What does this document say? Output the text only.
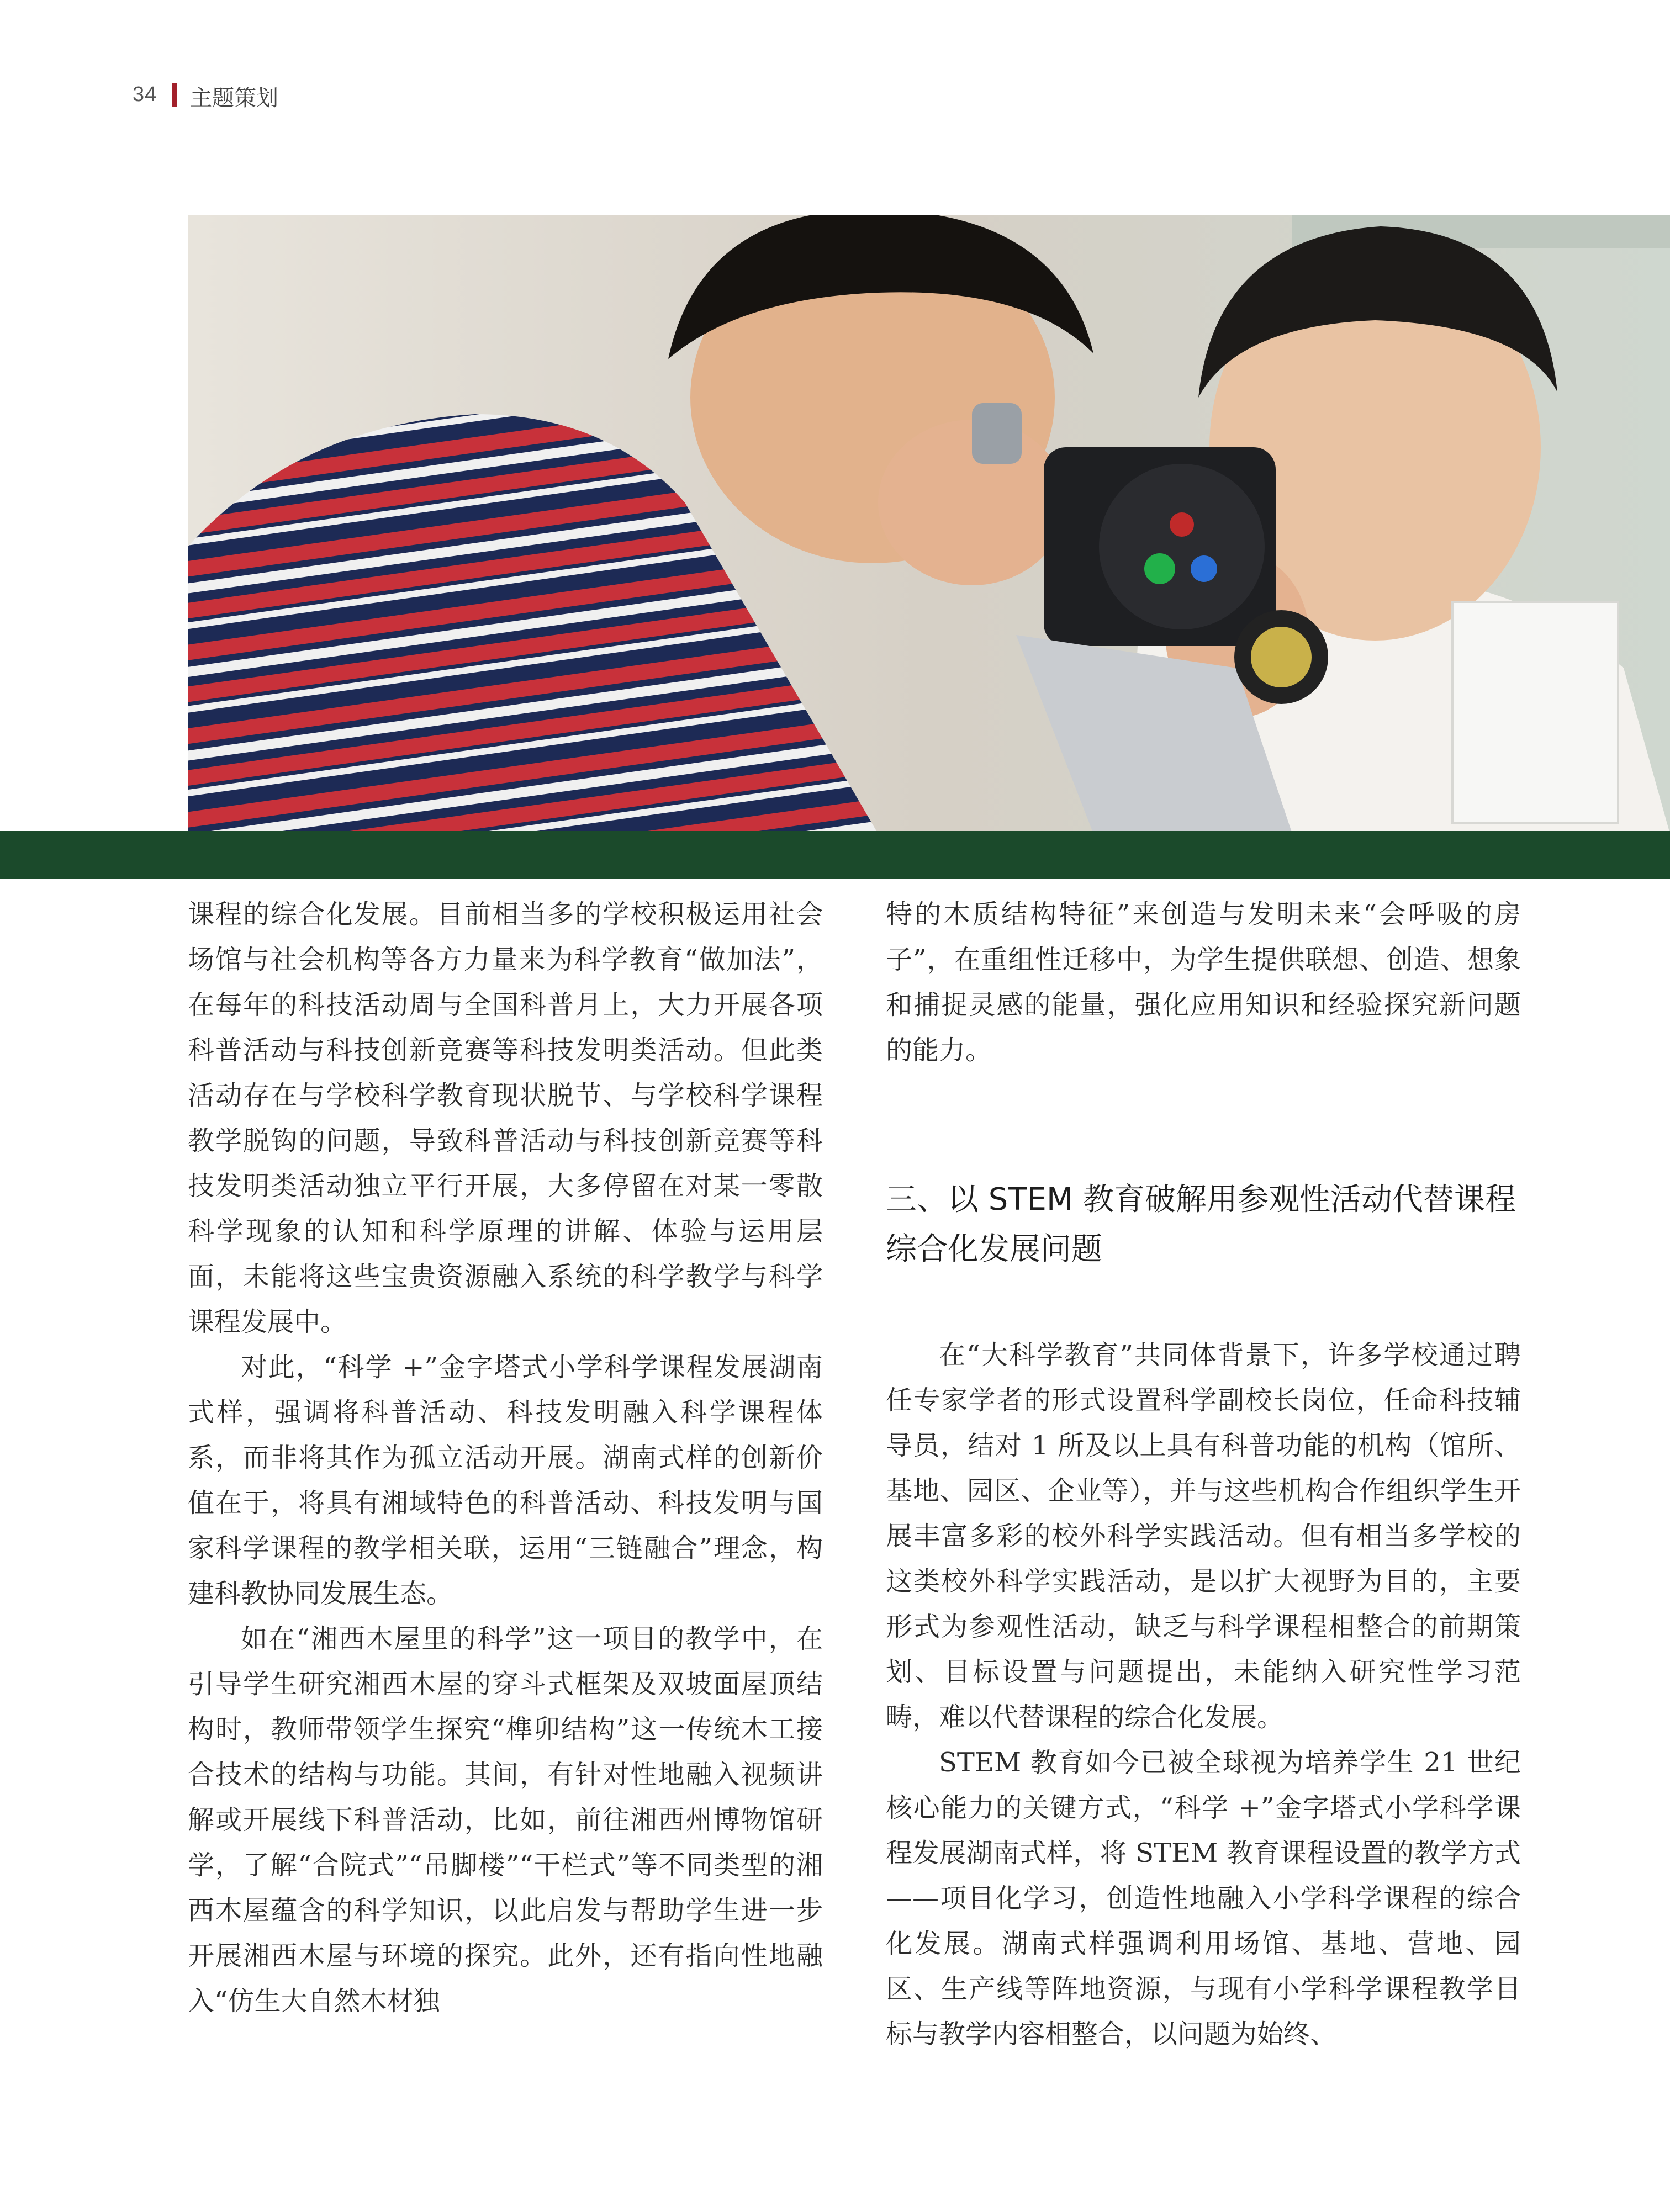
34 主题策划

课程的综合化发展。目前相当多的学校积极运用社会场馆与社会机构等各方力量来为科学教育“做加法”，在每年的科技活动周与全国科普月上，大力开展各项科普活动与科技创新竞赛等科技发明类活动。但此类活动存在与学校科学教育现状脱节、与学校科学课程教学脱钩的问题，导致科普活动与科技创新竞赛等科技发明类活动独立平行开展，大多停留在对某一零散科学现象的认知和科学原理的讲解、体验与运用层面，未能将这些宝贵资源融入系统的科学教学与科学课程发展中。

对此，“科学 +”金字塔式小学科学课程发展湖南式样，强调将科普活动、科技发明融入科学课程体系，而非将其作为孤立活动开展。湖南式样的创新价值在于，将具有湘域特色的科普活动、科技发明与国家科学课程的教学相关联，运用“三链融合”理念，构建科教协同发展生态。

如在“湘西木屋里的科学”这一项目的教学中，在引导学生研究湘西木屋的穿斗式框架及双坡面屋顶结构时，教师带领学生探究“榫卯结构”这一传统木工接合技术的结构与功能。其间，有针对性地融入视频讲解或开展线下科普活动，比如，前往湘西州博物馆研学，了解“合院式”“吊脚楼”“干栏式”等不同类型的湘西木屋蕴含的科学知识，以此启发与帮助学生进一步开展湘西木屋与环境的探究。此外，还有指向性地融入“仿生大自然木材独

特的木质结构特征”来创造与发明未来“会呼吸的房子”，在重组性迁移中，为学生提供联想、创造、想象和捕捉灵感的能量，强化应用知识和经验探究新问题的能力。

三、以 STEM 教育破解用参观性活动代替课程综合化发展问题

在“大科学教育”共同体背景下，许多学校通过聘任专家学者的形式设置科学副校长岗位，任命科技辅导员，结对 1 所及以上具有科普功能的机构（馆所、基地、园区、企业等），并与这些机构合作组织学生开展丰富多彩的校外科学实践活动。但有相当多学校的这类校外科学实践活动，是以扩大视野为目的，主要形式为参观性活动，缺乏与科学课程相整合的前期策划、目标设置与问题提出，未能纳入研究性学习范畴，难以代替课程的综合化发展。

STEM 教育如今已被全球视为培养学生 21 世纪核心能力的关键方式，“科学 +”金字塔式小学科学课程发展湖南式样，将 STEM 教育课程设置的教学方式——项目化学习，创造性地融入小学科学课程的综合化发展。湖南式样强调利用场馆、基地、营地、园区、生产线等阵地资源，与现有小学科学课程教学目标与教学内容相整合，以问题为始终、
